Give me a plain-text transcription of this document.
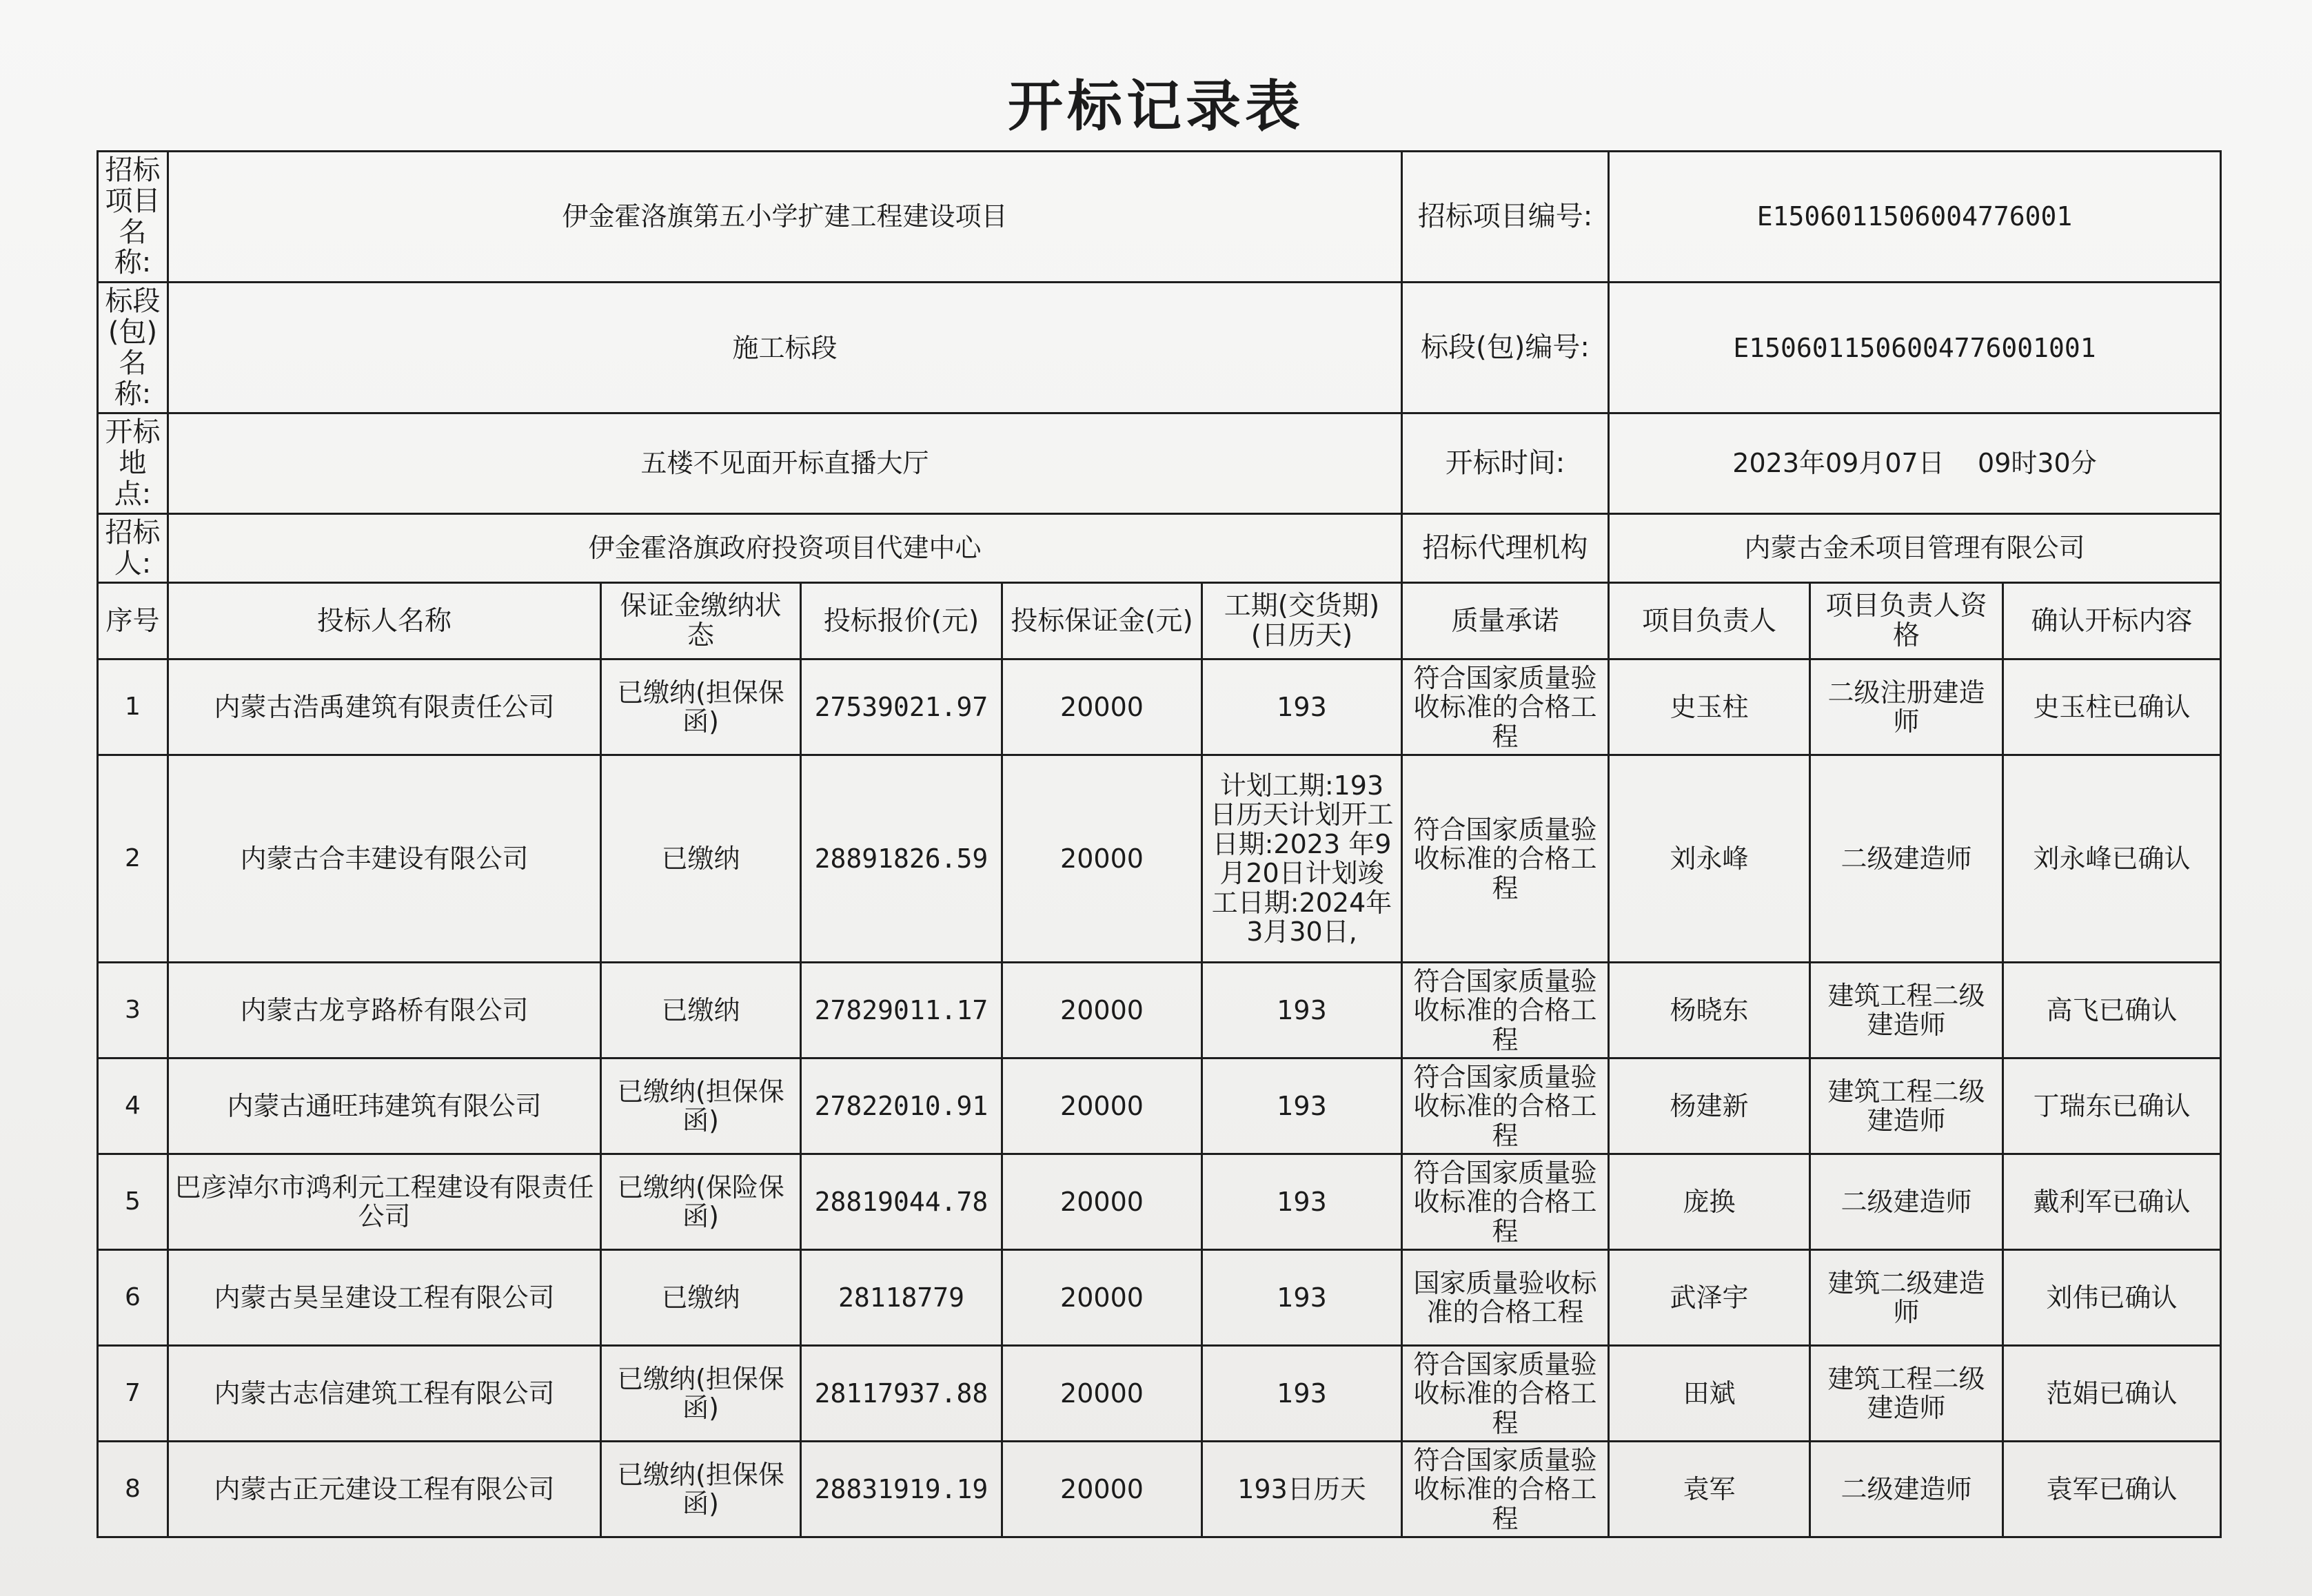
开标记录表
招标项目名称:	伊金霍洛旗第五小学扩建工程建设项目					招标项目编号:	E1506011506004776001		
标段(包)名称:	施工标段					标段(包)编号:	E1506011506004776001001		
开标地点:	五楼不见面开标直播大厅					开标时间:	2023年09月07日    09时30分		
招标人:	伊金霍洛旗政府投资项目代建中心					招标代理机构	内蒙古金禾项目管理有限公司		
序号	投标人名称	保证金缴纳状态	投标报价(元)	投标保证金(元)	工期(交货期)(日历天)	质量承诺	项目负责人	项目负责人资格	确认开标内容
1	内蒙古浩禹建筑有限责任公司	已缴纳(担保保函)	27539021.97	20000	193	符合国家质量验收标准的合格工程	史玉柱	二级注册建造师	史玉柱已确认
2	内蒙古合丰建设有限公司	已缴纳	28891826.59	20000	计划工期:193日历天计划开工日期:2023 年9月20日计划竣工日期:2024年3月30日,	符合国家质量验收标准的合格工程	刘永峰	二级建造师	刘永峰已确认
3	内蒙古龙亨路桥有限公司	已缴纳	27829011.17	20000	193	符合国家质量验收标准的合格工程	杨晓东	建筑工程二级建造师	高飞已确认
4	内蒙古通旺玮建筑有限公司	已缴纳(担保保函)	27822010.91	20000	193	符合国家质量验收标准的合格工程	杨建新	建筑工程二级建造师	丁瑞东已确认
5	巴彦淖尔市鸿利元工程建设有限责任公司	已缴纳(保险保函)	28819044.78	20000	193	符合国家质量验收标准的合格工程	庞换	二级建造师	戴利军已确认
6	内蒙古昊呈建设工程有限公司	已缴纳	28118779	20000	193	国家质量验收标准的合格工程	武泽宇	建筑二级建造师	刘伟已确认
7	内蒙古志信建筑工程有限公司	已缴纳(担保保函)	28117937.88	20000	193	符合国家质量验收标准的合格工程	田斌	建筑工程二级建造师	范娟已确认
8	内蒙古正元建设工程有限公司	已缴纳(担保保函)	28831919.19	20000	193日历天	符合国家质量验收标准的合格工程	袁军	二级建造师	袁军已确认
